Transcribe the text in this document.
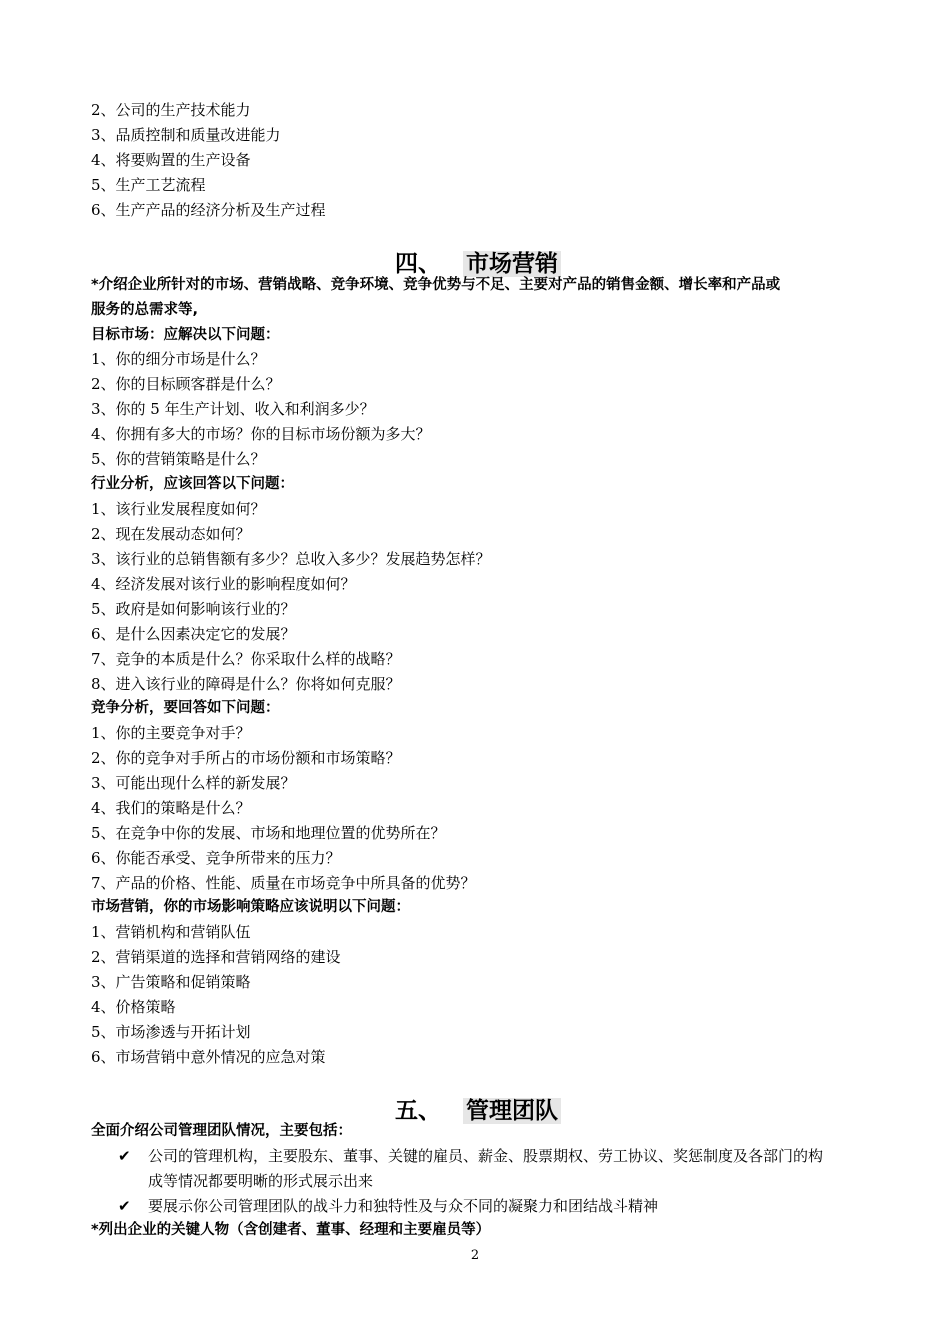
2、公司的生产技术能力
3、品质控制和质量改进能力
4、将要购置的生产设备
5、生产工艺流程
6、生产产品的经济分析及生产过程
四、 市场营销
*介绍企业所针对的市场、营销战略、竞争环境、竞争优势与不足、主要对产品的销售金额、增长率和产品或
服务的总需求等,
目标市场：应解决以下问题：
1、你的细分市场是什么？
2、你的目标顾客群是什么？
3、你的 5 年生产计划、收入和利润多少？
4、你拥有多大的市场？你的目标市场份额为多大？
5、你的营销策略是什么？
行业分析，应该回答以下问题：
1、该行业发展程度如何？
2、现在发展动态如何？
3、该行业的总销售额有多少？总收入多少？发展趋势怎样？
4、经济发展对该行业的影响程度如何？
5、政府是如何影响该行业的？
6、是什么因素决定它的发展？
7、竞争的本质是什么？你采取什么样的战略？
8、进入该行业的障碍是什么？你将如何克服？
竞争分析，要回答如下问题：
1、你的主要竞争对手？
2、你的竞争对手所占的市场份额和市场策略？
3、可能出现什么样的新发展？
4、我们的策略是什么？
5、在竞争中你的发展、市场和地理位置的优势所在？
6、你能否承受、竞争所带来的压力？
7、产品的价格、性能、质量在市场竞争中所具备的优势？
市场营销，你的市场影响策略应该说明以下问题：
1、营销机构和营销队伍
2、营销渠道的选择和营销网络的建设
3、广告策略和促销策略
4、价格策略
5、市场渗透与开拓计划
6、市场营销中意外情况的应急对策
五、 管理团队
全面介绍公司管理团队情况，主要包括：
✔ 公司的管理机构，主要股东、董事、关键的雇员、薪金、股票期权、劳工协议、奖惩制度及各部门的构
成等情况都要明晰的形式展示出来
✔ 要展示你公司管理团队的战斗力和独特性及与众不同的凝聚力和团结战斗精神
*列出企业的关键人物（含创建者、董事、经理和主要雇员等）
2
